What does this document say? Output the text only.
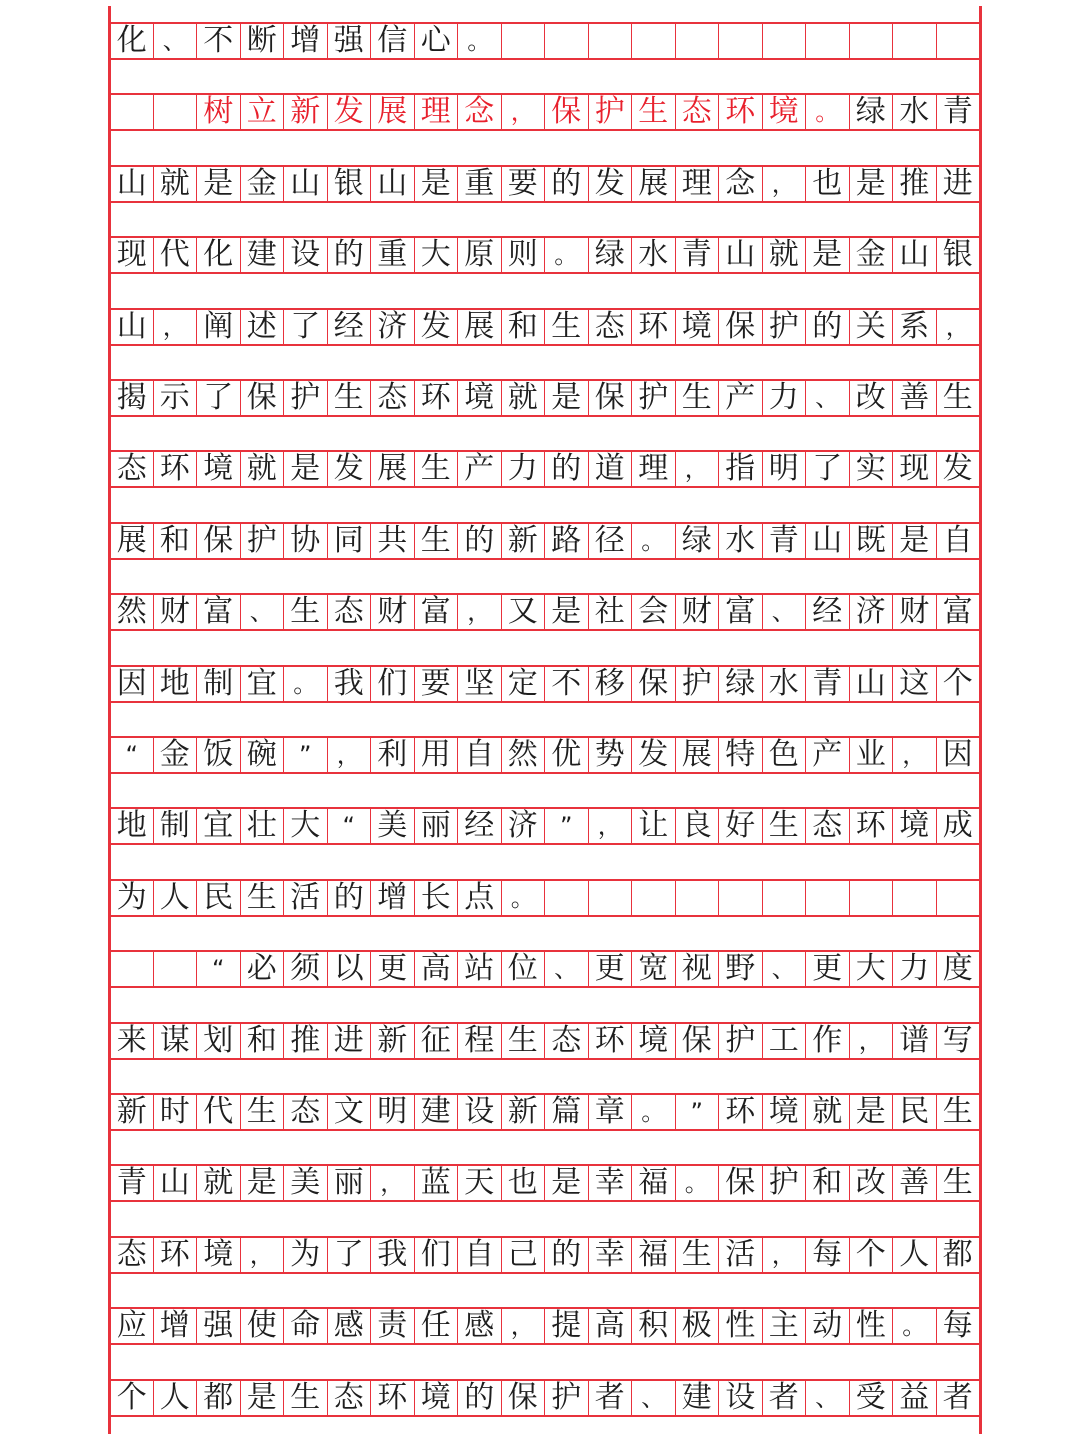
化 、 不 断 增 强 信 心 。
树 立 新 发 展 理 念 ， 保 护 生 态 环 境 。 绿 水 青
山 就 是 金 山 银 山 是 重 要 的 发 展 理 念 ， 也 是 推 进
现 代 化 建 设 的 重 大 原 则 。 绿 水 青 山 就 是 金 山 银
山 ， 阐 述 了 经 济 发 展 和 生 态 环 境 保 护 的 关 系 ，
揭 示 了 保 护 生 态 环 境 就 是 保 护 生 产 力 、 改 善 生
态 环 境 就 是 发 展 生 产 力 的 道 理 ， 指 明 了 实 现 发
展 和 保 护 协 同 共 生 的 新 路 径 。 绿 水 青 山 既 是 自
然 财 富 、 生 态 财 富 ， 又 是 社 会 财 富 、 经 济 财 富
因 地 制 宜 。 我 们 要 坚 定 不 移 保 护 绿 水 青 山 这 个
“ 金 饭 碗 ”	， 利 用 自 然 优 势 发 展 特 色 产 业 ， 因
地 制 宜 壮 大 “ 美 丽 经 济 ”	， 让 良 好 生 态 环 境 成
为 人 民 生 活 的 增 长 点 。
“ 必 须 以 更 高 站 位 、 更 宽 视 野 、 更 大 力 度
来 谋 划 和 推 进 新 征 程 生 态 环 境 保 护 工 作 ， 谱 写
新 时 代 生 态 文 明 建 设 新 篇 章 。	” 环 境 就 是 民 生
青 山 就 是 美 丽 ， 蓝 天 也 是 幸 福 。 保 护 和 改 善 生
态 环 境 ， 为 了 我 们 自 己 的 幸 福 生 活 ， 每 个 人 都
应 增 强 使 命 感 责 任 感 ， 提 高 积 极 性 主 动 性 。 每
个 人 都 是 生 态 环 境 的 保 护 者 、 建 设 者 、 受 益 者
